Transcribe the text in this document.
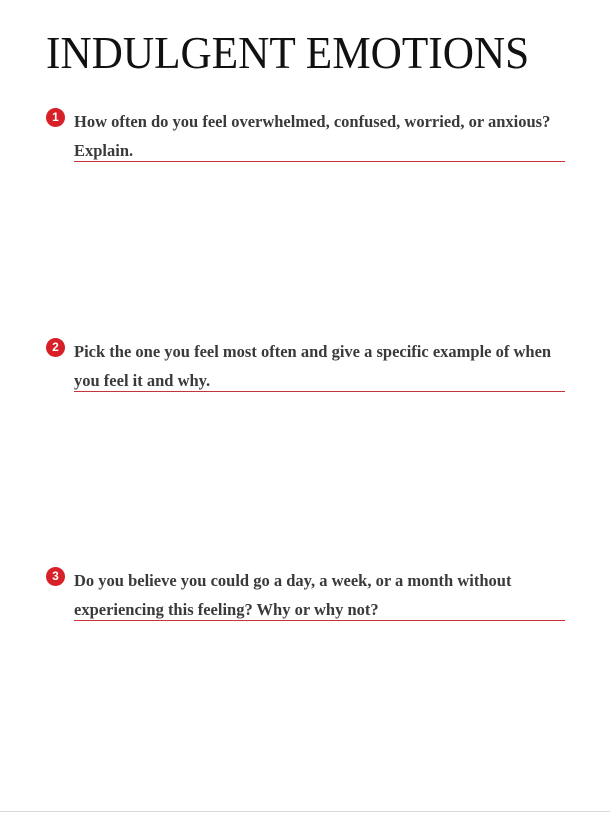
INDULGENT EMOTIONS
1 How often do you feel overwhelmed, confused, worried, or anxious? Explain.

2 Pick the one you feel most often and give a specific example of when you feel it and why.

3 Do you believe you could go a day, a week, or a month without experiencing this feeling? Why or why not?
